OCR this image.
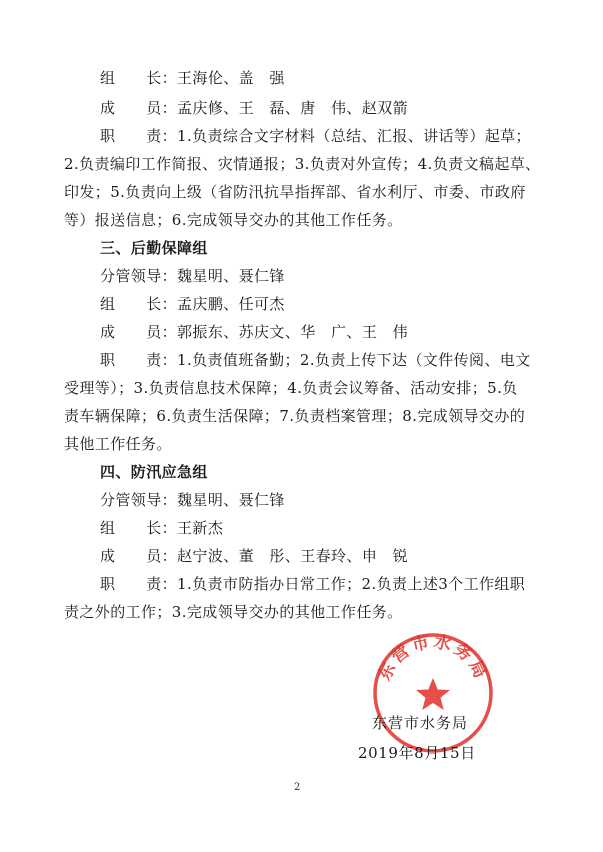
组　　长：王海伦、盖　强
成　　员：孟庆修、王　磊、唐　伟、赵双箭
职　　责：1.负责综合文字材料（总结、汇报、讲话等）起草；
2.负责编印工作简报、灾情通报；3.负责对外宣传；4.负责文稿起草、
印发；5.负责向上级（省防汛抗旱指挥部、省水利厅、市委、市政府
等）报送信息；6.完成领导交办的其他工作任务。
三、后勤保障组
分管领导：魏星明、聂仁锋
组　　长：孟庆鹏、任可杰
成　　员：郭振东、苏庆文、华　广、王　伟
职　　责：1.负责值班备勤；2.负责上传下达（文件传阅、电文
受理等）；3.负责信息技术保障；4.负责会议筹备、活动安排；5.负
责车辆保障；6.负责生活保障；7.负责档案管理；8.完成领导交办的
其他工作任务。
四、防汛应急组
分管领导：魏星明、聂仁锋
组　　长：王新杰
成　　员：赵宁波、董　彤、王春玲、申　锐
职　　责：1.负责市防指办日常工作；2.负责上述3个工作组职
责之外的工作；3.完成领导交办的其他工作任务。
东营市水务局
东营市水务局
2019年8月15日
2
